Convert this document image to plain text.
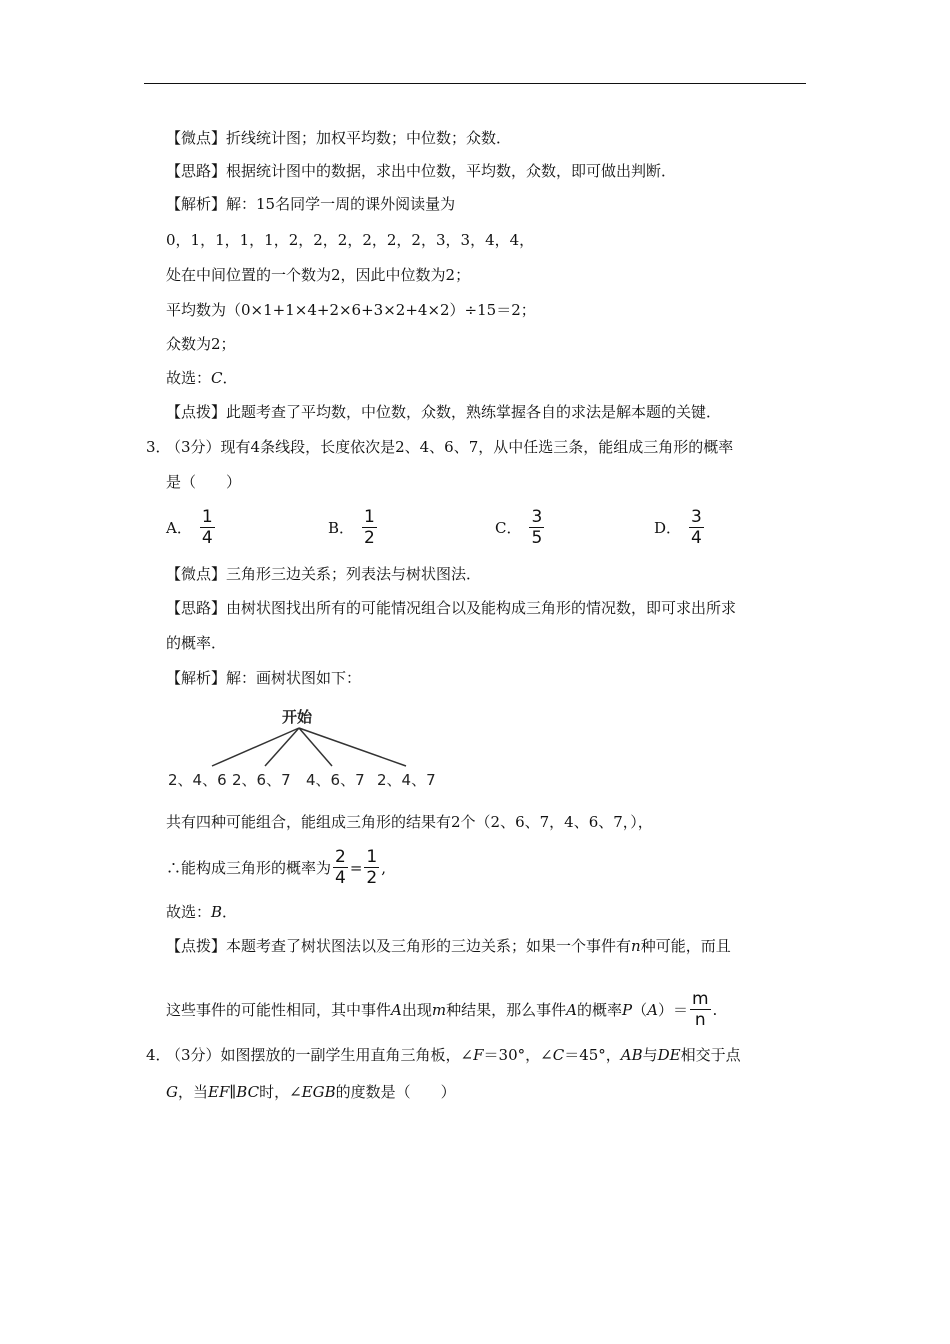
【微点】折线统计图；加权平均数；中位数；众数．
【思路】根据统计图中的数据，求出中位数，平均数，众数，即可做出判断．
【解析】解：15名同学一周的课外阅读量为
0，1，1，1，1，2，2，2，2，2，2，3，3，4，4，
处在中间位置的一个数为2，因此中位数为2；
平均数为（0×1+1×4+2×6+3×2+4×2）÷15＝2；
众数为2；
故选：C．
【点拨】此题考查了平均数，中位数，众数，熟练掌握各自的求法是解本题的关键．
3．
（3分）现有4条线段，长度依次是2、4、6、7，从中任选三条，能组成三角形的概率
是（　　）
A． $\frac{1}{4}$	B． $\frac{1}{2}$	C． $\frac{3}{5}$	D． $\frac{3}{4}$
【微点】三角形三边关系；列表法与树状图法．
【思路】由树状图找出所有的可能情况组合以及能构成三角形的情况数，即可求出所求
的概率．
【解析】解：画树状图如下：
开始
2、4、6 2、6、7 4、6、7 2、4、7
共有四种可能组合，能组成三角形的结果有2个（2、6、7，4、6、7，），
∴能构成三角形的概率为 $\frac{2}{4} = \frac{1}{2}$ ,
故选：B．
【点拨】本题考查了树状图法以及三角形的三边关系；如果一个事件有n种可能，而且
这些事件的可能性相同，其中事件 A 出现 m 种结果，那么事件 A 的概率 P （ A ）＝ $\frac{m}{n}$ .
4．
（3分）如图摆放的一副学生用直角三角板，∠F＝30°，∠C＝45°，AB与DE相交于点
G，当EF∥BC时，∠EGB的度数是（　　）
